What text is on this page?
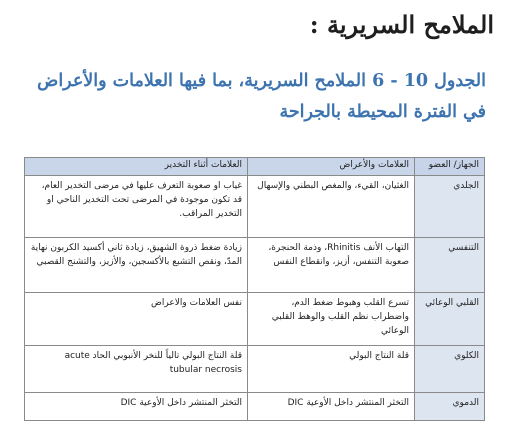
الملامح السريرية :
الجدول 10 - 6 الملامح السريرية، بما فيها العلامات والأعراض في الفترة المحيطة بالجراحة
الجهاز/ العضو	العلامات والأعراض	العلامات أثناء التخدير
الجلدي	الغثيان، القيء، والمغص البطني والإسهال	غياب او صعوبة التعرف عليها في مرضى التخدير العام، قد تكون موجودة في المرضى تحت التخدير الناحي او التخدير المراقب.
التنفسي	التهاب الأنف Rhinitis، وذمة الحنجرة، صعوبة التنفس، أزيز، وانقطاع النفس	زيادة ضغط ذروة الشهيق، زيادة ثاني أكسيد الكربون نهاية المدّ، ونقص التشبع بالأكسجين، والأزيز، والتشنج القصبي
القلبي الوعائي	تسرع القلب وهبوط ضغط الدم، واضطراب نظم القلب والوهط القلبي الوعائي	نفس العلامات والاعراض
الكلوي	قلة النتاج البولي	قلة النتاج البولي تالياً للنخر الأنبوبي الحاد acute tubular necrosis
الدموي	التخثر المنتشر داخل الأوعية DIC	التخثر المنتشر داخل الأوعية DIC
